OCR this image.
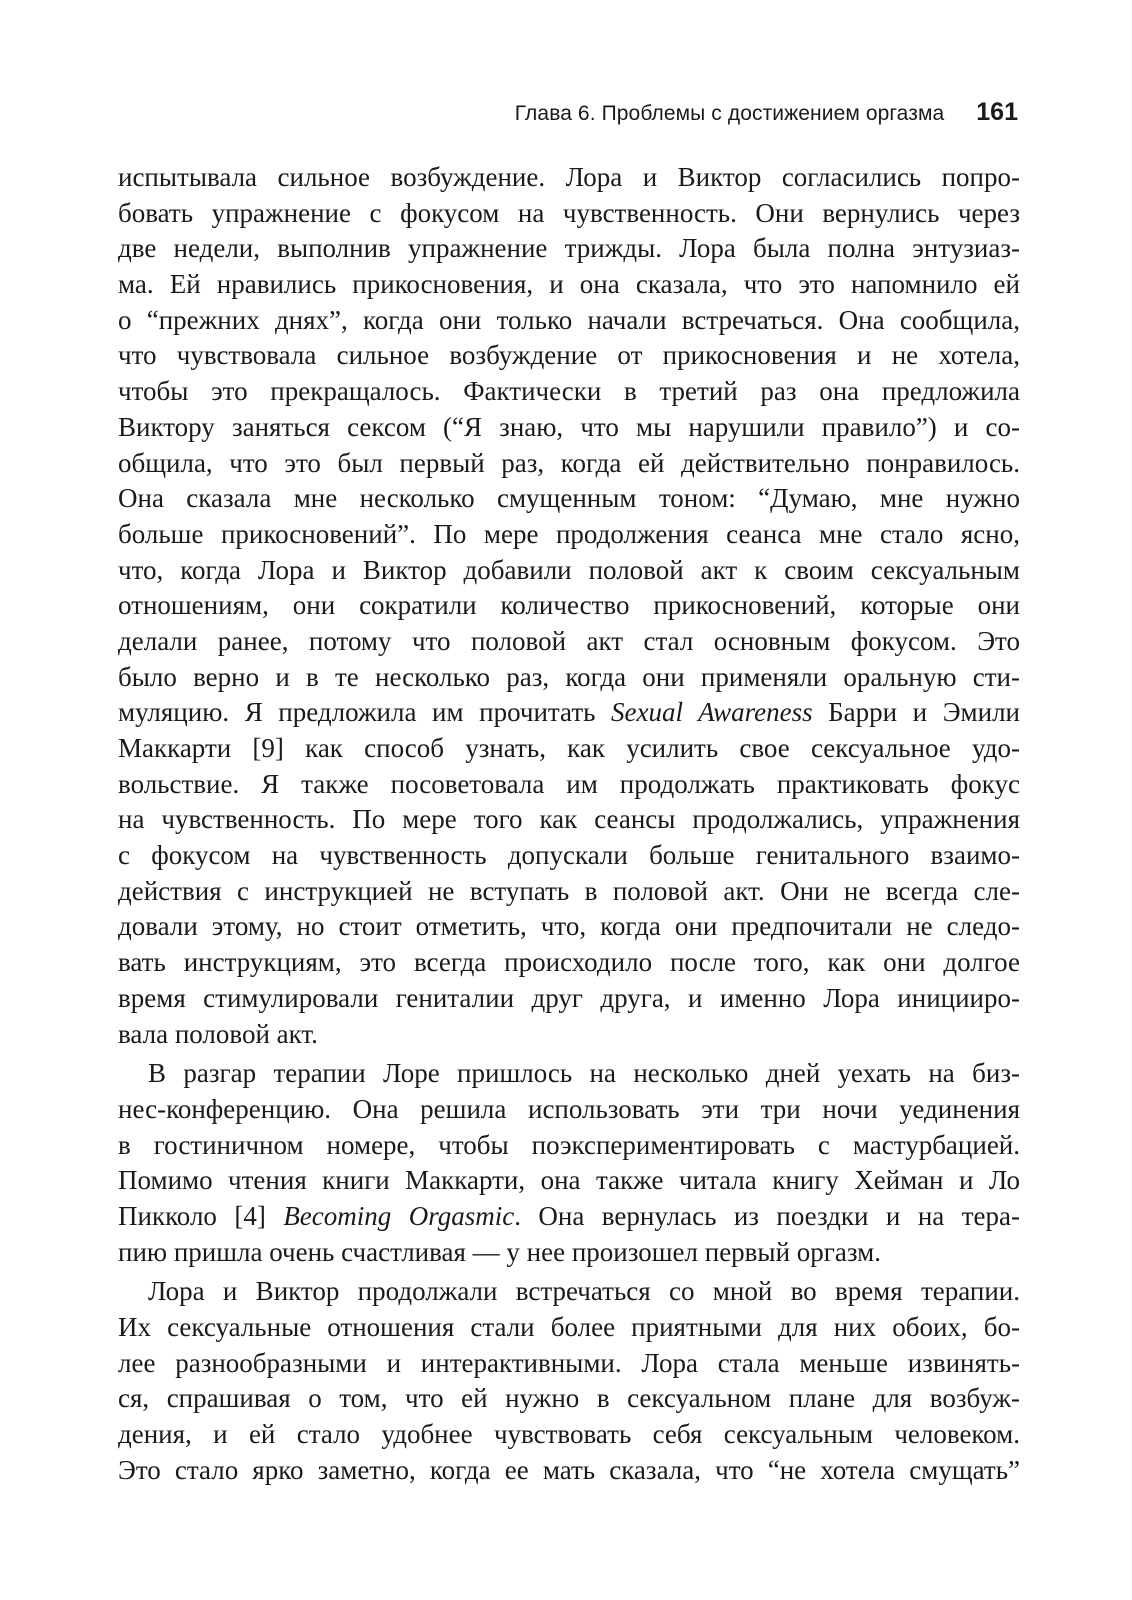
Глава 6. Проблемы с достижением оргазма 161
испытывала сильное возбуждение. Лора и Виктор согласились попро-
бовать упражнение с фокусом на чувственность. Они вернулись через
две недели, выполнив упражнение трижды. Лора была полна энтузиаз-
ма. Ей нравились прикосновения, и она сказала, что это напомнило ей
о “прежних днях”, когда они только начали встречаться. Она сообщила,
что чувствовала сильное возбуждение от прикосновения и не хотела,
чтобы это прекращалось. Фактически в третий раз она предложила
Виктору заняться сексом (“Я знаю, что мы нарушили правило”) и со-
общила, что это был первый раз, когда ей действительно понравилось.
Она сказала мне несколько смущенным тоном: “Думаю, мне нужно
больше прикосновений”. По мере продолжения сеанса мне стало ясно,
что, когда Лора и Виктор добавили половой акт к своим сексуальным
отношениям, они сократили количество прикосновений, которые они
делали ранее, потому что половой акт стал основным фокусом. Это
было верно и в те несколько раз, когда они применяли оральную сти-
муляцию. Я предложила им прочитать Sexual Awareness Барри и Эмили
Маккарти [9] как способ узнать, как усилить свое сексуальное удо-
вольствие. Я также посоветовала им продолжать практиковать фокус
на чувственность. По мере того как сеансы продолжались, упражнения
с фокусом на чувственность допускали больше генитального взаимо-
действия с инструкцией не вступать в половой акт. Они не всегда сле-
довали этому, но стоит отметить, что, когда они предпочитали не следо-
вать инструкциям, это всегда происходило после того, как они долгое
время стимулировали гениталии друг друга, и именно Лора иницииро-
вала половой акт.
В разгар терапии Лоре пришлось на несколько дней уехать на биз-
нес-конференцию. Она решила использовать эти три ночи уединения
в гостиничном номере, чтобы поэкспериментировать с мастурбацией.
Помимо чтения книги Маккарти, она также читала книгу Хейман и Ло
Пикколо [4] Becoming Orgasmic. Она вернулась из поездки и на тера-
пию пришла очень счастливая — у нее произошел первый оргазм.
Лора и Виктор продолжали встречаться со мной во время терапии.
Их сексуальные отношения стали более приятными для них обоих, бо-
лее разнообразными и интерактивными. Лора стала меньше извинять-
ся, спрашивая о том, что ей нужно в сексуальном плане для возбуж-
дения, и ей стало удобнее чувствовать себя сексуальным человеком.
Это стало ярко заметно, когда ее мать сказала, что “не хотела смущать”
